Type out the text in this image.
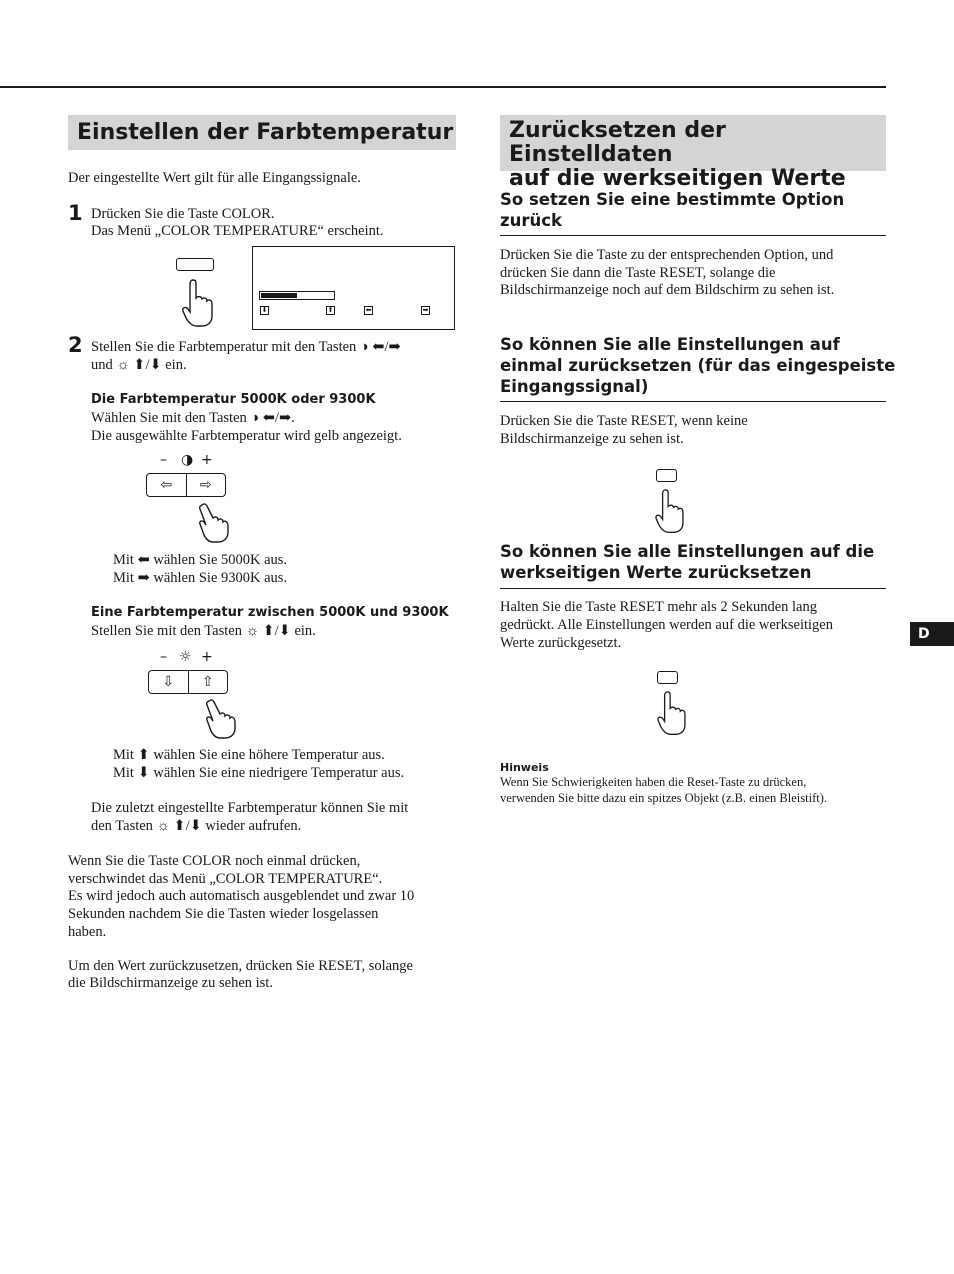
Einstellen der Farbtemperatur
Der eingestellte Wert gilt für alle Eingangssignale.
1 Drücken Sie die Taste COLOR.
Das Menü „COLOR TEMPERATURE“ erscheint.
⬇	⬆	⬅	➡
2 Stellen Sie die Farbtemperatur mit den Tasten ◑ ⬅/➡
und ☼ ⬆/⬇ ein.
Die Farbtemperatur 5000K oder 9300K
Wählen Sie mit den Tasten ◑ ⬅/➡.
Die ausgewählte Farbtemperatur wird gelb angezeigt.
– ◑ +
⇦ ⇨
Mit ⬅ wählen Sie 5000K aus.
Mit ➡ wählen Sie 9300K aus.
Eine Farbtemperatur zwischen 5000K und 9300K
Stellen Sie mit den Tasten ☼ ⬆/⬇ ein.
– ☼ +
⇩ ⇧
Mit ⬆ wählen Sie eine höhere Temperatur aus.
Mit ⬇ wählen Sie eine niedrigere Temperatur aus.
Die zuletzt eingestellte Farbtemperatur können Sie mit
den Tasten ☼ ⬆/⬇ wieder aufrufen.
Wenn Sie die Taste COLOR noch einmal drücken,
verschwindet das Menü „COLOR TEMPERATURE“.
Es wird jedoch auch automatisch ausgeblendet und zwar 10
Sekunden nachdem Sie die Tasten wieder losgelassen
haben.
Um den Wert zurückzusetzen, drücken Sie RESET, solange
die Bildschirmanzeige zu sehen ist.
Zurücksetzen der Einstelldaten
auf die werkseitigen Werte
So setzen Sie eine bestimmte Option
zurück
Drücken Sie die Taste zu der entsprechenden Option, und
drücken Sie dann die Taste RESET, solange die
Bildschirmanzeige noch auf dem Bildschirm zu sehen ist.
So können Sie alle Einstellungen auf
einmal zurücksetzen (für das eingespeiste
Eingangssignal)
Drücken Sie die Taste RESET, wenn keine
Bildschirmanzeige zu sehen ist.
So können Sie alle Einstellungen auf die
werkseitigen Werte zurücksetzen
Halten Sie die Taste RESET mehr als 2 Sekunden lang
gedrückt. Alle Einstellungen werden auf die werkseitigen
Werte zurückgesetzt.
Hinweis
Wenn Sie Schwierigkeiten haben die Reset-Taste zu drücken,
verwenden Sie bitte dazu ein spitzes Objekt (z.B. einen Bleistift).
D
